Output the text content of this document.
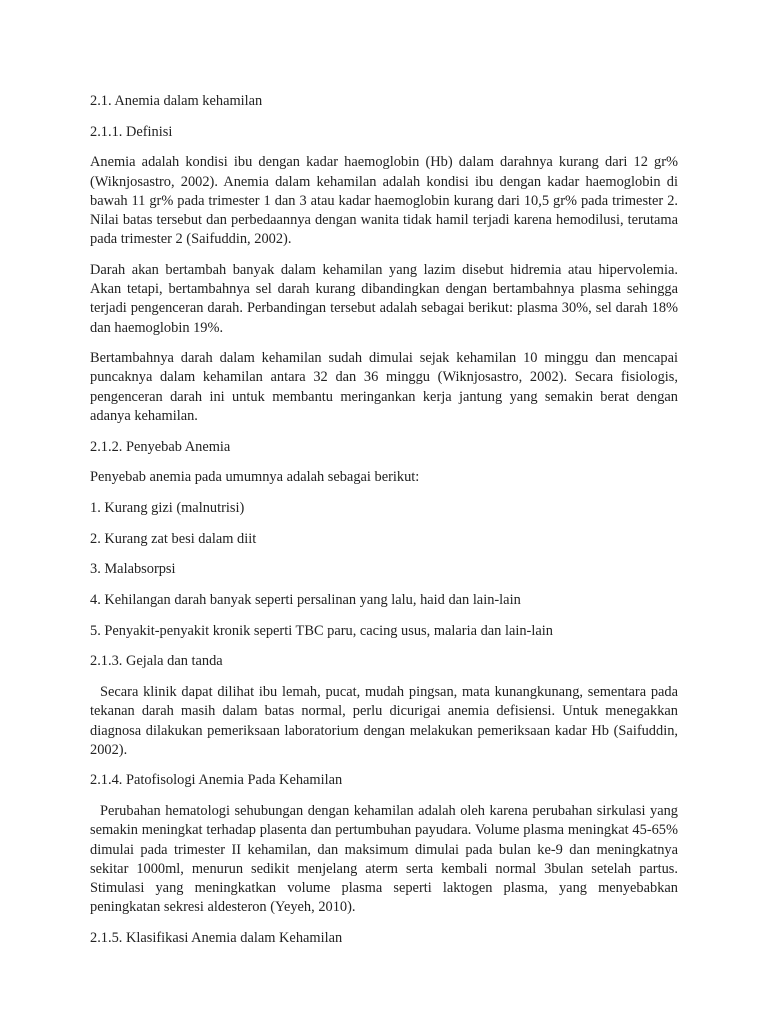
2.1. Anemia dalam kehamilan

2.1.1. Definisi

Anemia adalah kondisi ibu dengan kadar haemoglobin (Hb) dalam darahnya kurang dari 12 gr% (Wiknjosastro, 2002). Anemia dalam kehamilan adalah kondisi ibu dengan kadar haemoglobin di bawah 11 gr% pada trimester 1 dan 3 atau kadar haemoglobin kurang dari 10,5 gr% pada trimester 2. Nilai batas tersebut dan perbedaannya dengan wanita tidak hamil terjadi karena hemodilusi, terutama pada trimester 2 (Saifuddin, 2002).

Darah akan bertambah banyak dalam kehamilan yang lazim disebut hidremia atau hipervolemia. Akan tetapi, bertambahnya sel darah kurang dibandingkan dengan bertambahnya plasma sehingga terjadi pengenceran darah. Perbandingan tersebut adalah sebagai berikut: plasma 30%, sel darah 18% dan haemoglobin 19%.

Bertambahnya darah dalam kehamilan sudah dimulai sejak kehamilan 10 minggu dan mencapai puncaknya dalam kehamilan antara 32 dan 36 minggu (Wiknjosastro, 2002). Secara fisiologis, pengenceran darah ini untuk membantu meringankan kerja jantung yang semakin berat dengan adanya kehamilan.

2.1.2. Penyebab Anemia

Penyebab anemia pada umumnya adalah sebagai berikut:

1. Kurang gizi (malnutrisi)

2. Kurang zat besi dalam diit

3. Malabsorpsi

4. Kehilangan darah banyak seperti persalinan yang lalu, haid dan lain-lain

5. Penyakit-penyakit kronik seperti TBC paru, cacing usus, malaria dan lain-lain

2.1.3. Gejala dan tanda

Secara klinik dapat dilihat ibu lemah, pucat, mudah pingsan, mata kunangkunang, sementara pada tekanan darah masih dalam batas normal, perlu dicurigai anemia defisiensi. Untuk menegakkan diagnosa dilakukan pemeriksaan laboratorium dengan melakukan pemeriksaan kadar Hb (Saifuddin, 2002).

2.1.4. Patofisologi Anemia Pada Kehamilan

Perubahan hematologi sehubungan dengan kehamilan adalah oleh karena perubahan sirkulasi yang semakin meningkat terhadap plasenta dan pertumbuhan payudara. Volume plasma meningkat 45-65% dimulai pada trimester II kehamilan, dan maksimum dimulai pada bulan ke-9 dan meningkatnya sekitar 1000ml, menurun sedikit menjelang aterm serta kembali normal 3bulan setelah partus. Stimulasi yang meningkatkan volume plasma seperti laktogen plasma, yang menyebabkan peningkatan sekresi aldesteron (Yeyeh, 2010).

2.1.5. Klasifikasi Anemia dalam Kehamilan
